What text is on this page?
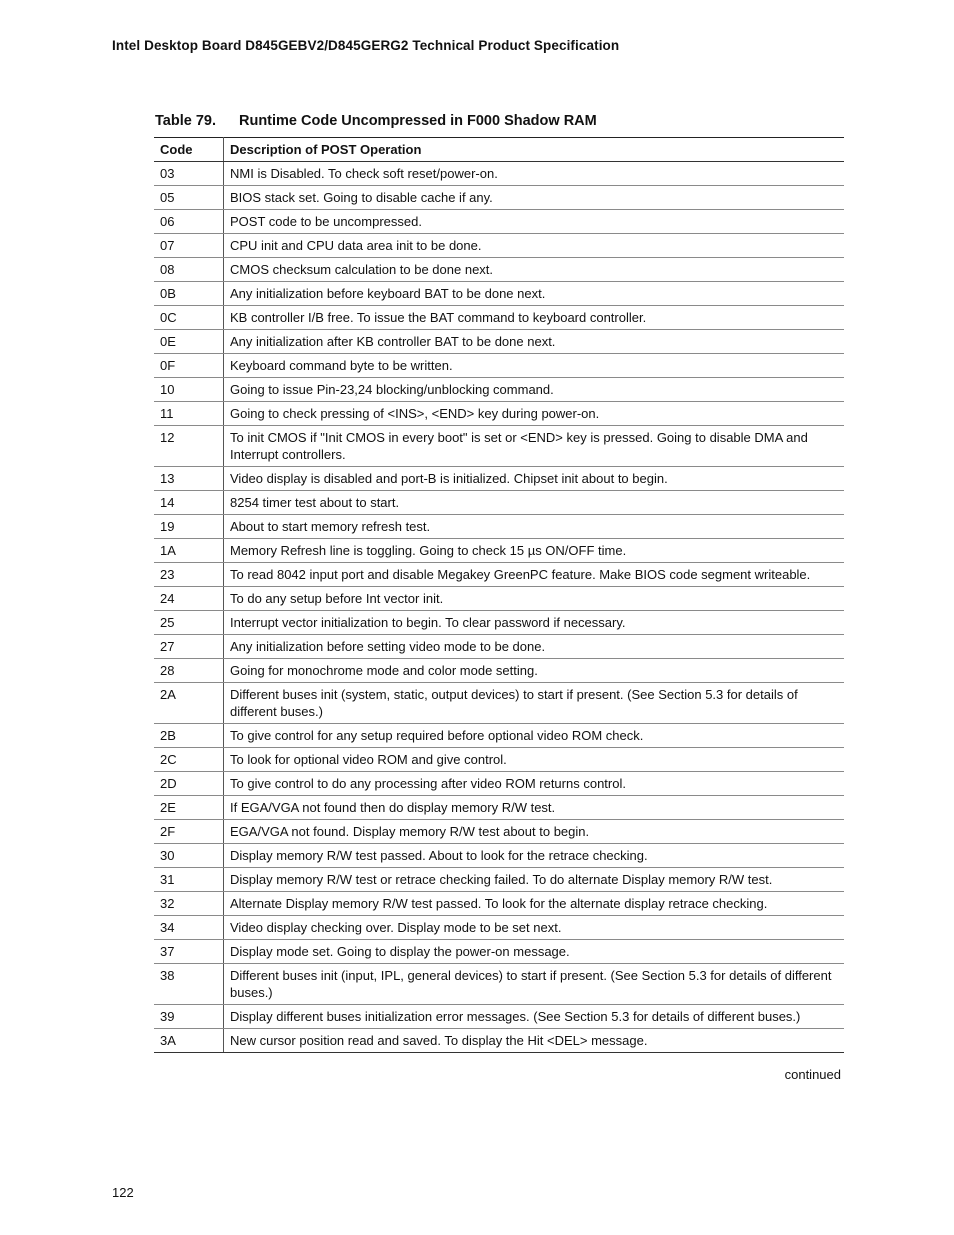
Intel Desktop Board D845GEBV2/D845GERG2 Technical Product Specification
Table 79. Runtime Code Uncompressed in F000 Shadow RAM
Code	Description of POST Operation
03	NMI is Disabled. To check soft reset/power-on.
05	BIOS stack set. Going to disable cache if any.
06	POST code to be uncompressed.
07	CPU init and CPU data area init to be done.
08	CMOS checksum calculation to be done next.
0B	Any initialization before keyboard BAT to be done next.
0C	KB controller I/B free. To issue the BAT command to keyboard controller.
0E	Any initialization after KB controller BAT to be done next.
0F	Keyboard command byte to be written.
10	Going to issue Pin-23,24 blocking/unblocking command.
11	Going to check pressing of <INS>, <END> key during power-on.
12	To init CMOS if "Init CMOS in every boot" is set or <END> key is pressed. Going to disable DMA and Interrupt controllers.
13	Video display is disabled and port-B is initialized. Chipset init about to begin.
14	8254 timer test about to start.
19	About to start memory refresh test.
1A	Memory Refresh line is toggling. Going to check 15 µs ON/OFF time.
23	To read 8042 input port and disable Megakey GreenPC feature. Make BIOS code segment writeable.
24	To do any setup before Int vector init.
25	Interrupt vector initialization to begin. To clear password if necessary.
27	Any initialization before setting video mode to be done.
28	Going for monochrome mode and color mode setting.
2A	Different buses init (system, static, output devices) to start if present. (See Section 5.3 for details of different buses.)
2B	To give control for any setup required before optional video ROM check.
2C	To look for optional video ROM and give control.
2D	To give control to do any processing after video ROM returns control.
2E	If EGA/VGA not found then do display memory R/W test.
2F	EGA/VGA not found. Display memory R/W test about to begin.
30	Display memory R/W test passed. About to look for the retrace checking.
31	Display memory R/W test or retrace checking failed. To do alternate Display memory R/W test.
32	Alternate Display memory R/W test passed. To look for the alternate display retrace checking.
34	Video display checking over. Display mode to be set next.
37	Display mode set. Going to display the power-on message.
38	Different buses init (input, IPL, general devices) to start if present. (See Section 5.3 for details of different buses.)
39	Display different buses initialization error messages. (See Section 5.3 for details of different buses.)
3A	New cursor position read and saved. To display the Hit <DEL> message.
continued
122
